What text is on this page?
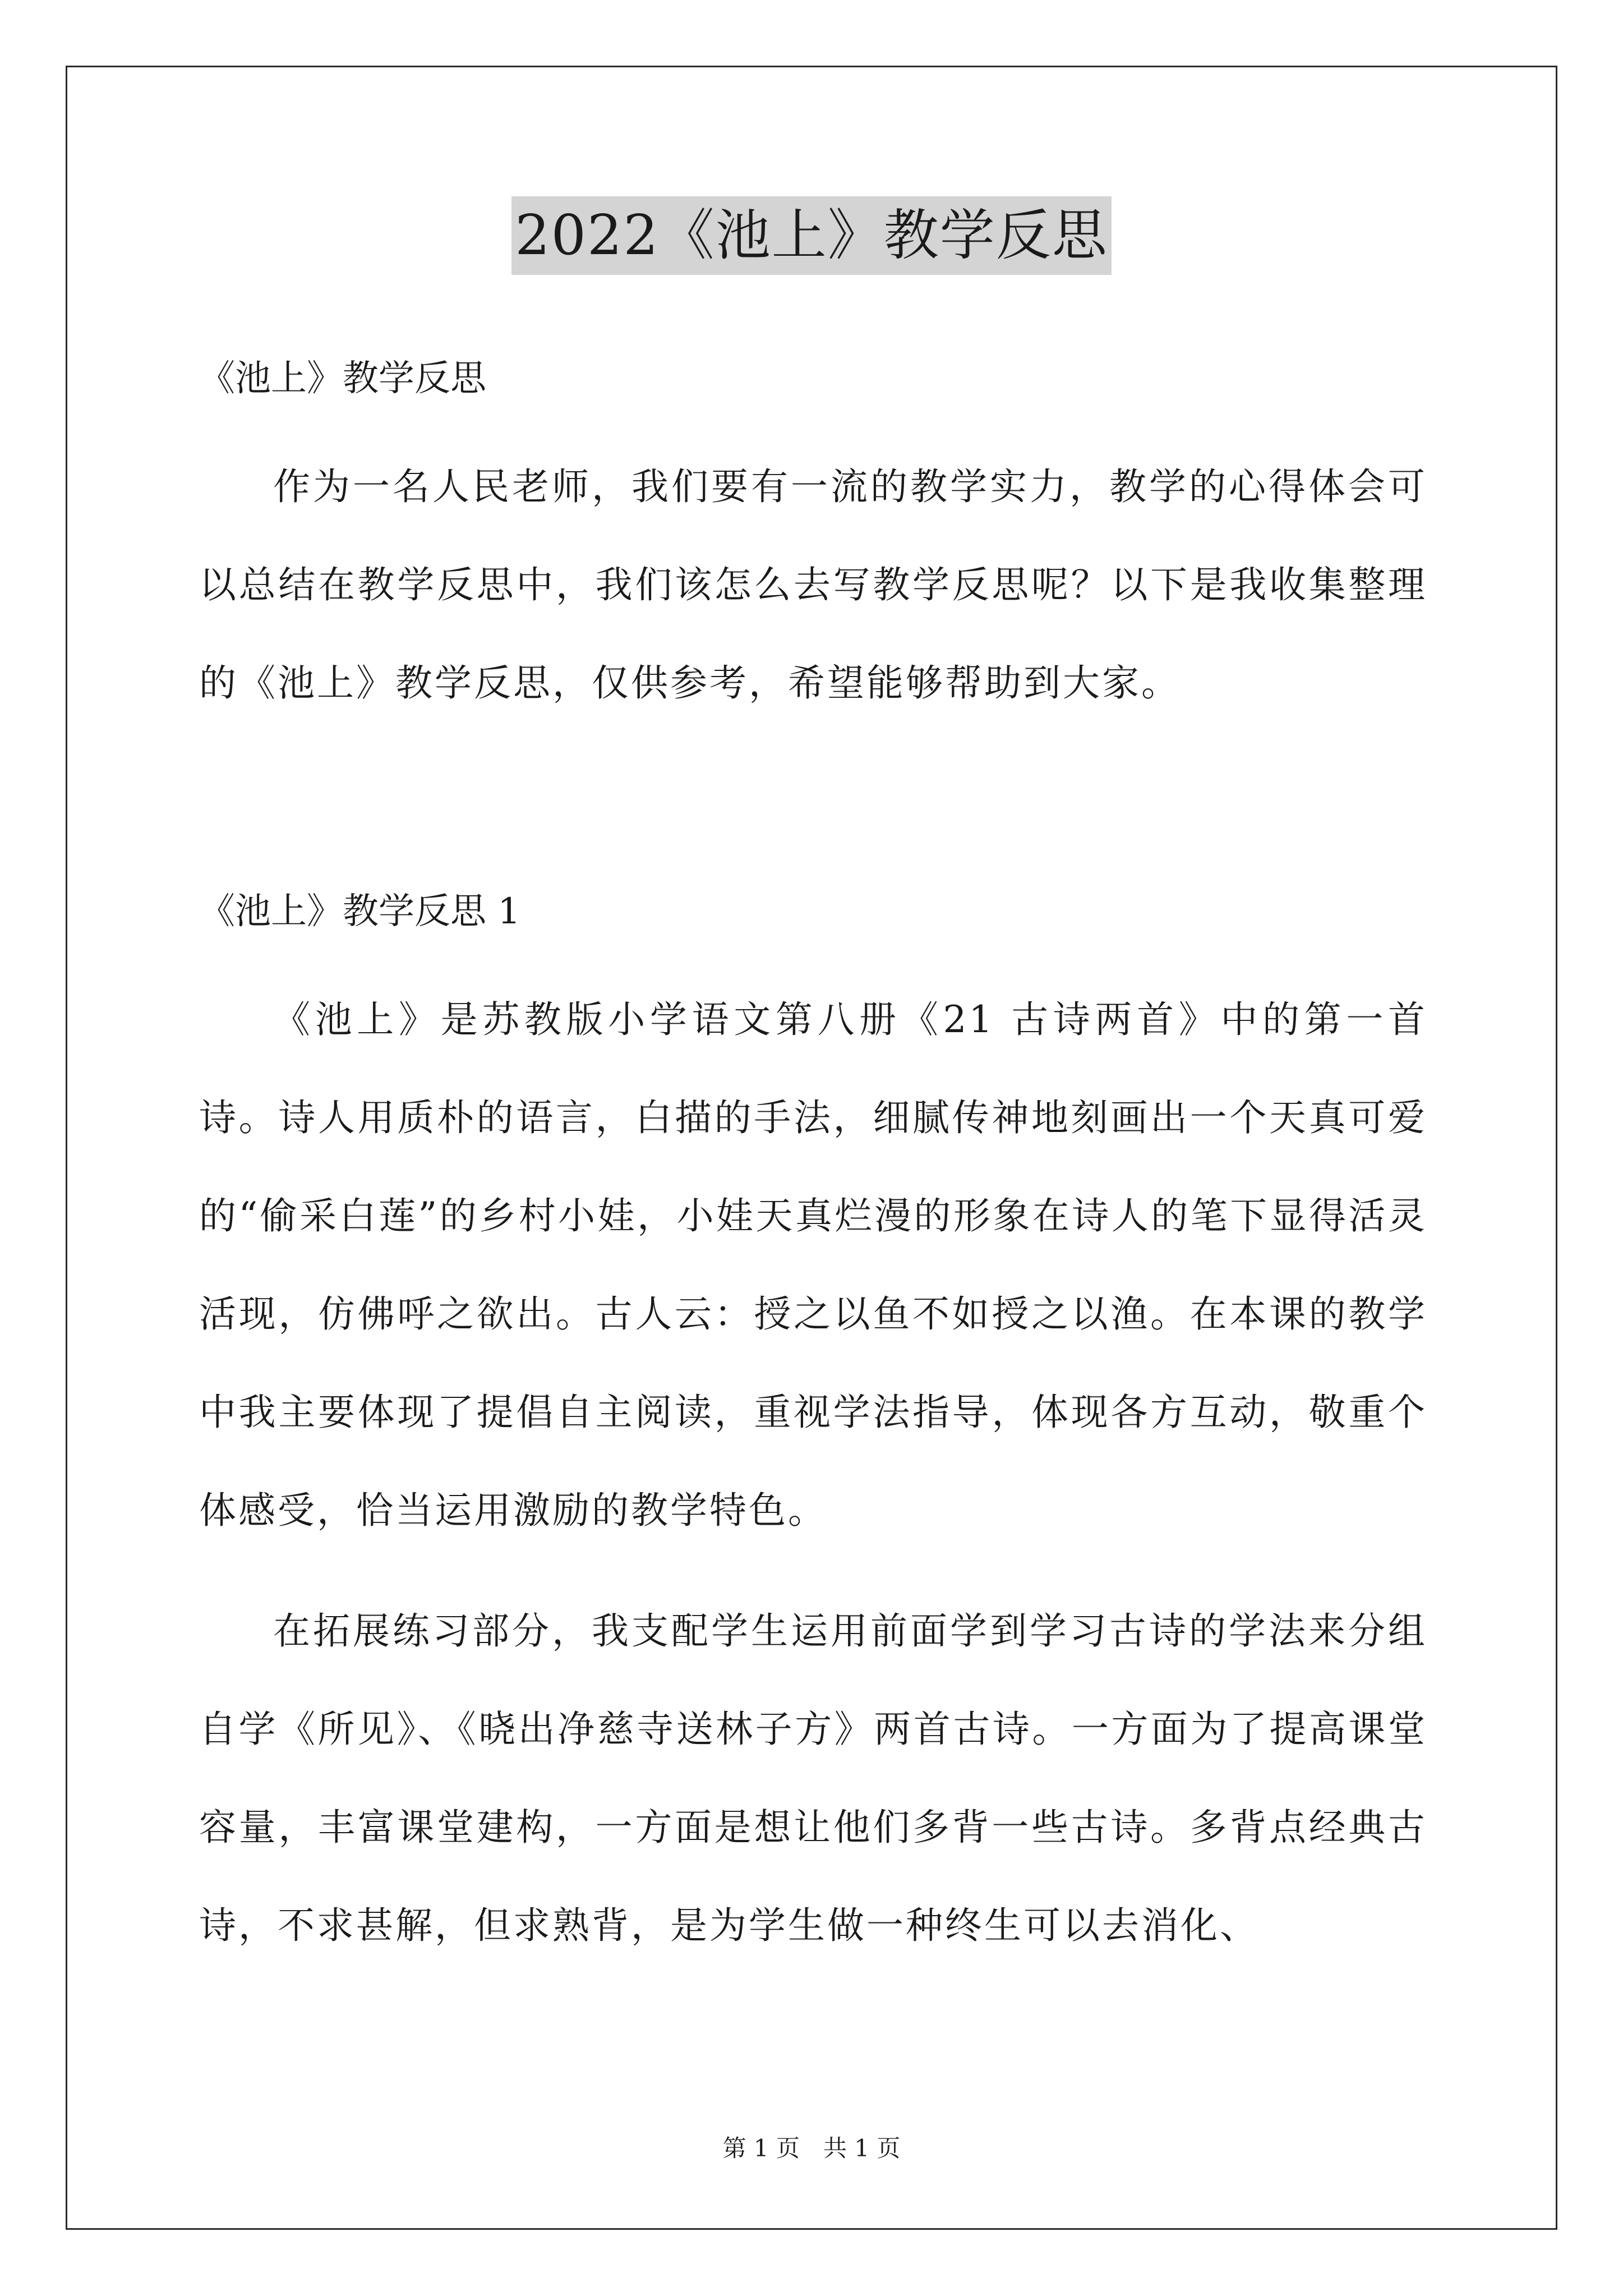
2022《池上》教学反思
《池上》教学反思

作为一名人民老师，我们要有一流的教学实力，教学的心得体会可以总结在教学反思中，我们该怎么去写教学反思呢？以下是我收集整理的《池上》教学反思，仅供参考，希望能够帮助到大家。

《池上》教学反思 1

《池上》是苏教版小学语文第八册《21 古诗两首》中的第一首诗。诗人用质朴的语言，白描的手法，细腻传神地刻画出一个天真可爱的“偷采白莲”的乡村小娃，小娃天真烂漫的形象在诗人的笔下显得活灵活现，仿佛呼之欲出。古人云：授之以鱼不如授之以渔。在本课的教学中我主要体现了提倡自主阅读，重视学法指导，体现各方互动，敬重个体感受，恰当运用激励的教学特色。

在拓展练习部分，我支配学生运用前面学到学习古诗的学法来分组自学《所见》、《晓出净慈寺送林子方》两首古诗。一方面为了提高课堂容量，丰富课堂建构，一方面是想让他们多背一些古诗。多背点经典古诗，不求甚解，但求熟背，是为学生做一种终生可以去消化、

第 1 页　共 1 页
